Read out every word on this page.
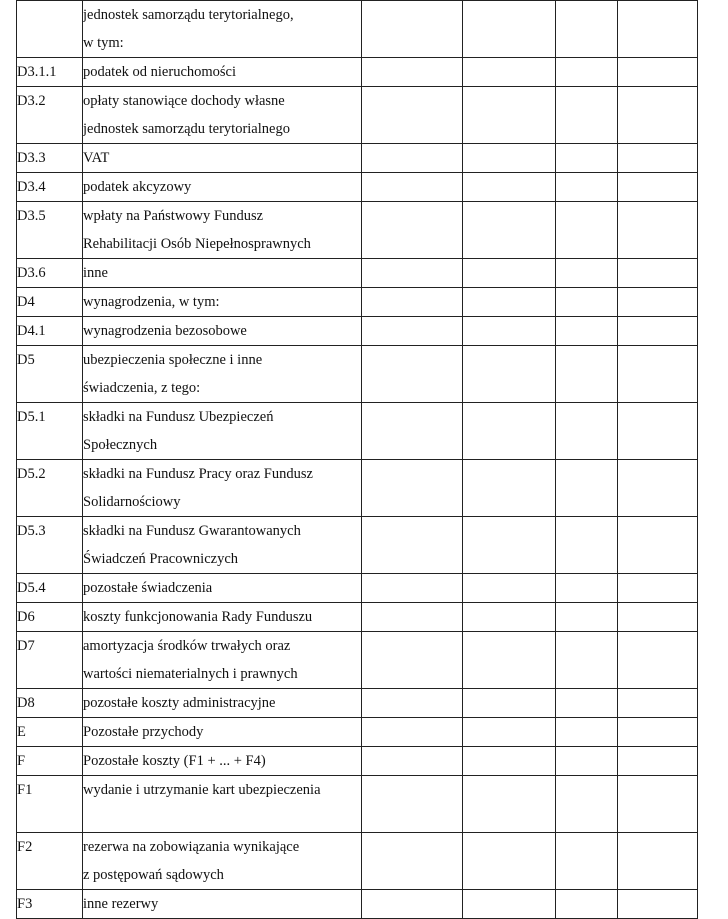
	jednostek samorządu terytorialnego,
w tym:				

D3.1.1	podatek od nieruchomości				

D3.2	opłaty stanowiące dochody własne
jednostek samorządu terytorialnego				

D3.3	VAT				

D3.4	podatek akcyzowy				

D3.5	wpłaty na Państwowy Fundusz
Rehabilitacji Osób Niepełnosprawnych				

D3.6	inne				

D4	wynagrodzenia, w tym:				

D4.1	wynagrodzenia bezosobowe				

D5	ubezpieczenia społeczne i inne
świadczenia, z tego:				

D5.1	składki na Fundusz Ubezpieczeń
Społecznych				

D5.2	składki na Fundusz Pracy oraz Fundusz
Solidarnościowy				

D5.3	składki na Fundusz Gwarantowanych
Świadczeń Pracowniczych				

D5.4	pozostałe świadczenia				

D6	koszty funkcjonowania Rady Funduszu				

D7	amortyzacja środków trwałych oraz
wartości niematerialnych i prawnych				

D8	pozostałe koszty administracyjne				

E	Pozostałe przychody				

F	Pozostałe koszty (F1 + ... + F4)				

F1	wydanie i utrzymanie kart ubezpieczenia				

F2	rezerwa na zobowiązania wynikające
z postępowań sądowych				

F3	inne rezerwy				
